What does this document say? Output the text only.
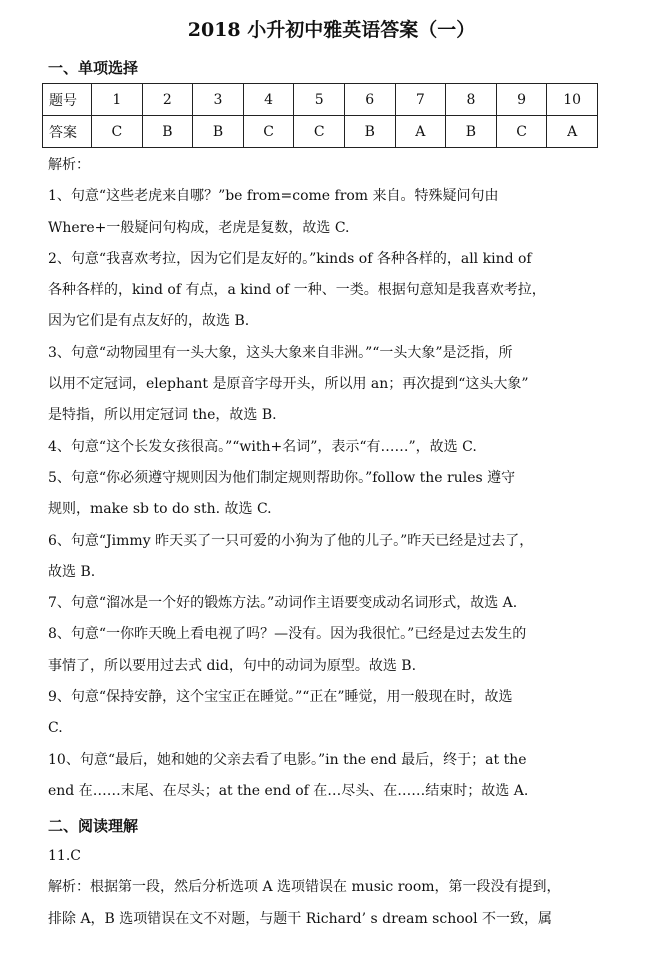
2018 小升初中雅英语答案（一）
一、单项选择
题号	1	2	3	4	5	6	7	8	9	10
答案	C	B	B	C	C	B	A	B	C	A
解析：
1、句意“这些老虎来自哪？”be from=come from 来自。特殊疑问句由
Where+一般疑问句构成，老虎是复数，故选 C.
2、句意“我喜欢考拉，因为它们是友好的。”kinds of 各种各样的，all kind of
各种各样的，kind of 有点，a kind of 一种、一类。根据句意知是我喜欢考拉，
因为它们是有点友好的，故选 B.
3、句意“动物园里有一头大象，这头大象来自非洲。”“一头大象”是泛指，所
以用不定冠词，elephant 是原音字母开头，所以用 an；再次提到“这头大象”
是特指，所以用定冠词 the，故选 B.
4、句意“这个长发女孩很高。”“with+名词”，表示“有……”，故选 C.
5、句意“你必须遵守规则因为他们制定规则帮助你。”follow the rules 遵守
规则，make sb to do sth. 故选 C.
6、句意“Jimmy 昨天买了一只可爱的小狗为了他的儿子。”昨天已经是过去了，
故选 B.
7、句意“溜冰是一个好的锻炼方法。”动词作主语要变成动名词形式，故选 A.
8、句意“一你昨天晚上看电视了吗？—没有。因为我很忙。”已经是过去发生的
事情了，所以要用过去式 did，句中的动词为原型。故选 B.
9、句意“保持安静，这个宝宝正在睡觉。”“正在”睡觉，用一般现在时，故选
C.
10、句意“最后，她和她的父亲去看了电影。”in the end 最后，终于；at the
end 在……末尾、在尽头；at the end of 在…尽头、在……结束时；故选 A.
二、阅读理解
11.C
解析：根据第一段，然后分析选项 A 选项错误在 music room，第一段没有提到，
排除 A，B 选项错误在文不对题，与题干 Richard’ s dream school 不一致，属
